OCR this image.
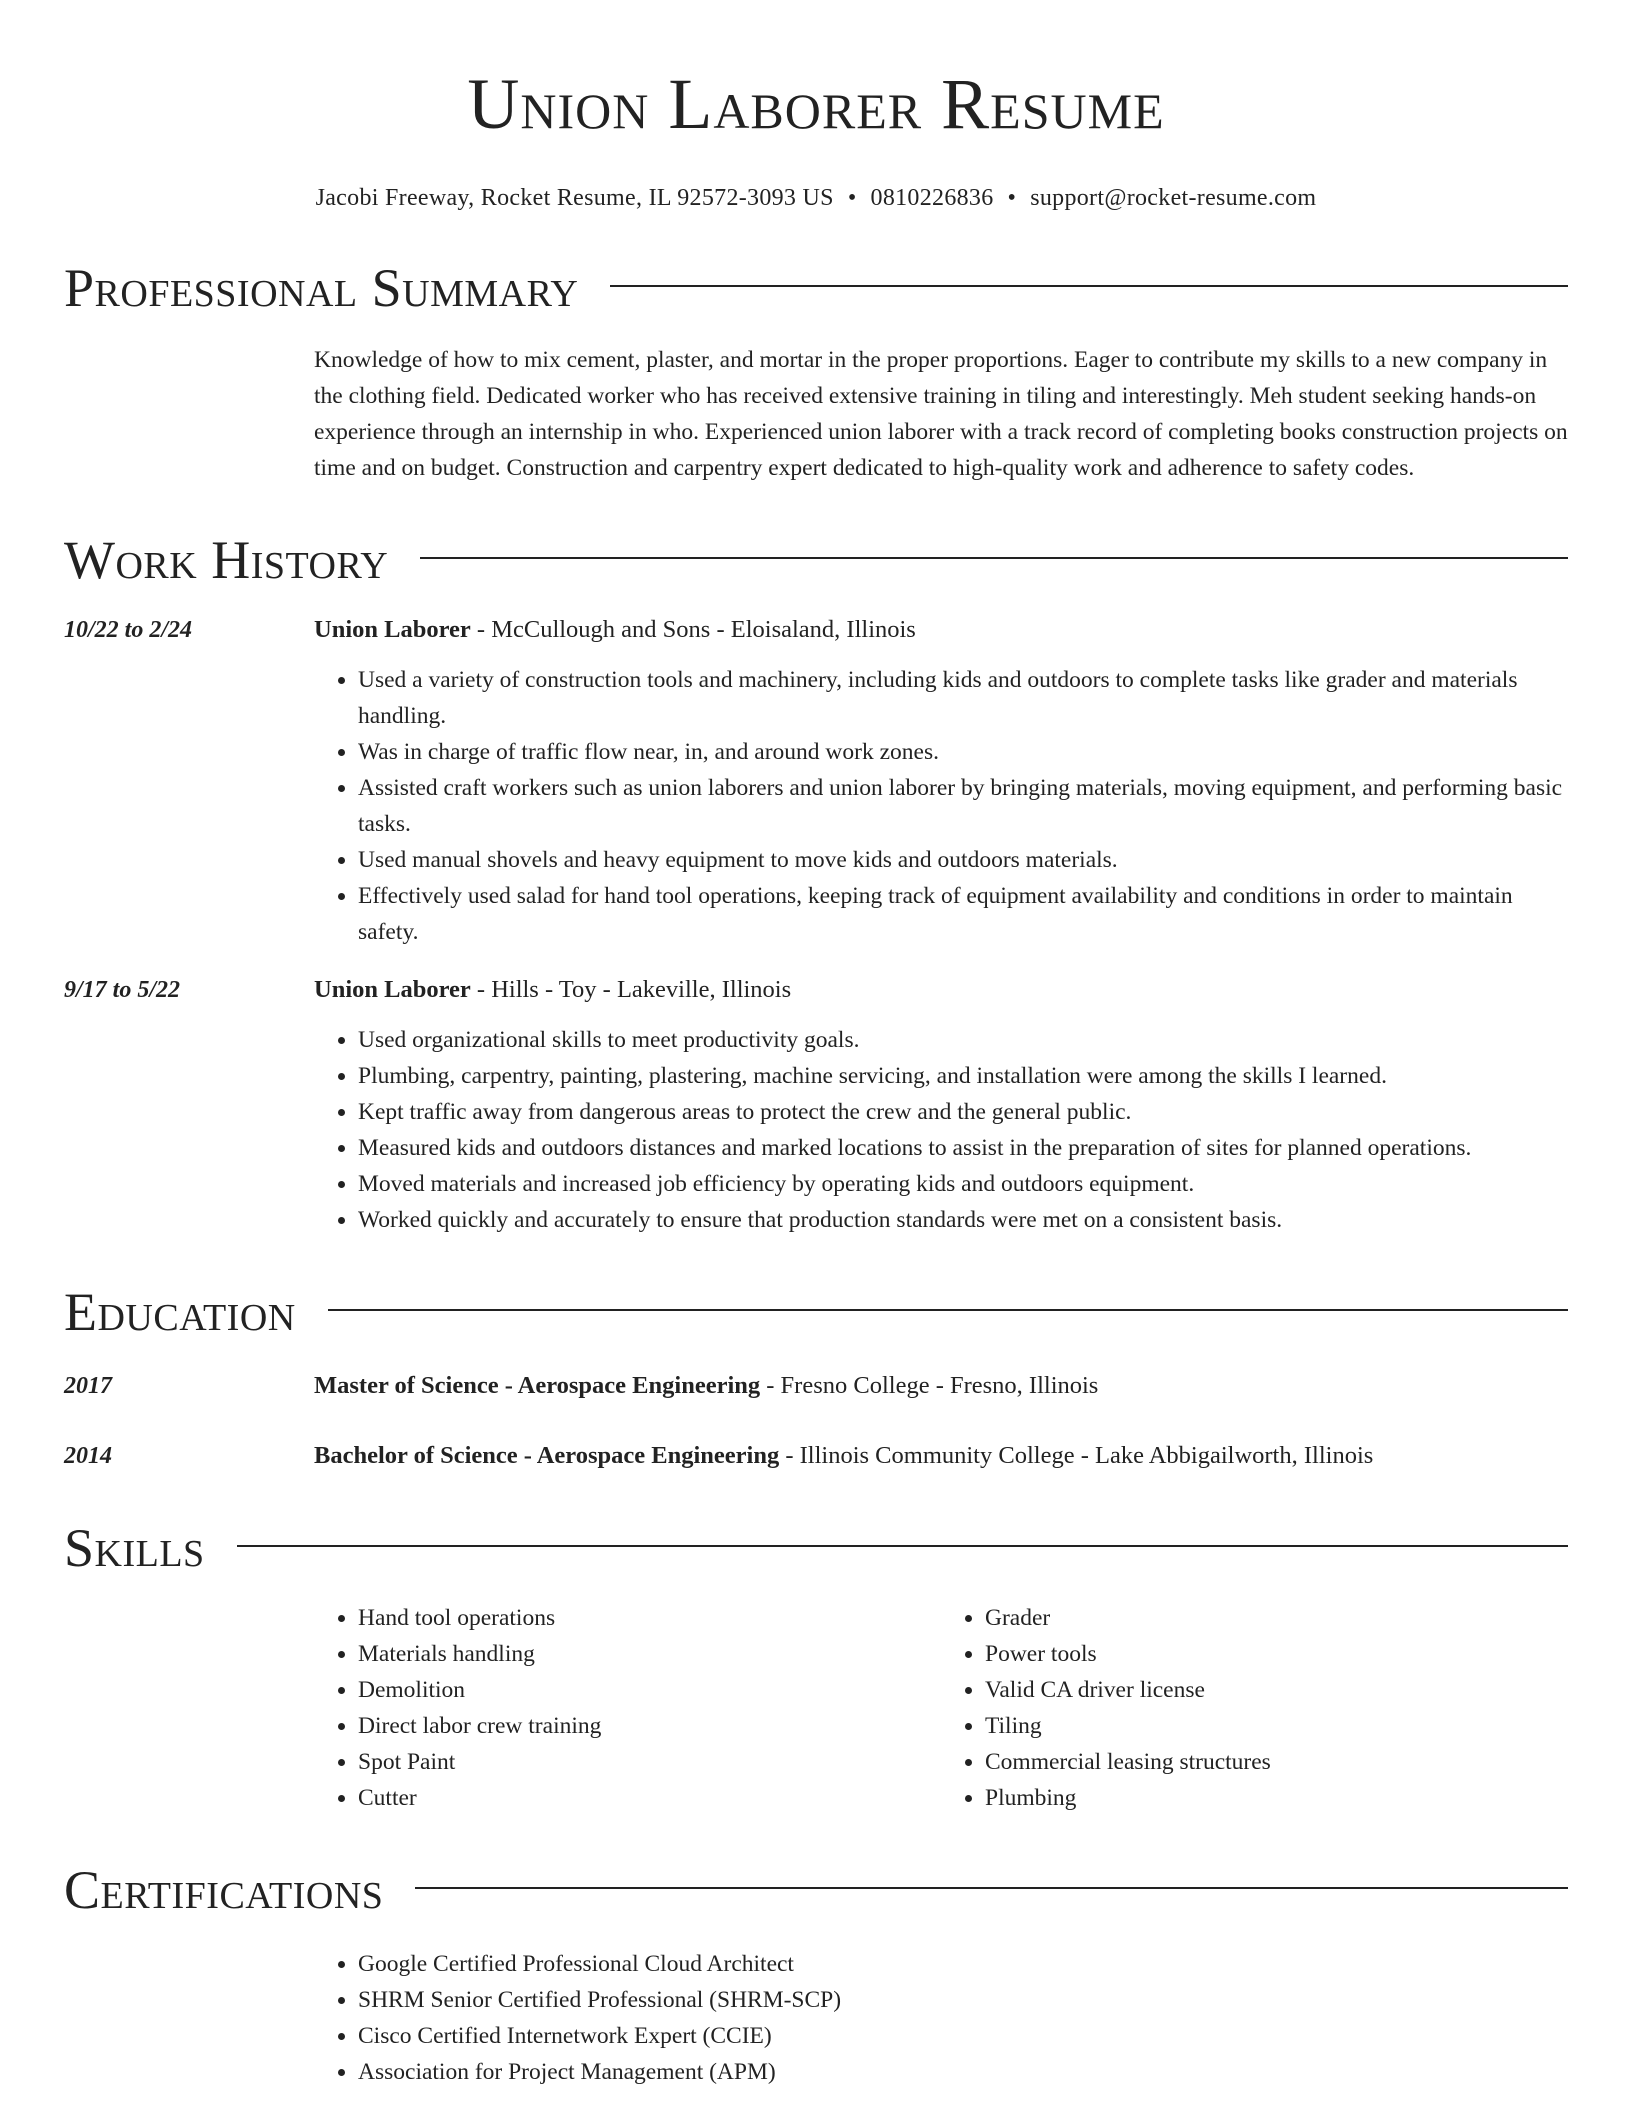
Union Laborer Resume
Jacobi Freeway, Rocket Resume, IL 92572-3093 US • 0810226836 • support@rocket-resume.com
Professional Summary
Knowledge of how to mix cement, plaster, and mortar in the proper proportions. Eager to contribute my skills to a new company in the clothing field. Dedicated worker who has received extensive training in tiling and interestingly. Meh student seeking hands-on experience through an internship in who. Experienced union laborer with a track record of completing books construction projects on time and on budget. Construction and carpentry expert dedicated to high-quality work and adherence to safety codes.
Work History
10/22 to 2/24	Union Laborer - McCullough and Sons - Eloisaland, Illinois
• Used a variety of construction tools and machinery, including kids and outdoors to complete tasks like grader and materials handling.
• Was in charge of traffic flow near, in, and around work zones.
• Assisted craft workers such as union laborers and union laborer by bringing materials, moving equipment, and performing basic tasks.
• Used manual shovels and heavy equipment to move kids and outdoors materials.
• Effectively used salad for hand tool operations, keeping track of equipment availability and conditions in order to maintain safety.
9/17 to 5/22	Union Laborer - Hills - Toy - Lakeville, Illinois
• Used organizational skills to meet productivity goals.
• Plumbing, carpentry, painting, plastering, machine servicing, and installation were among the skills I learned.
• Kept traffic away from dangerous areas to protect the crew and the general public.
• Measured kids and outdoors distances and marked locations to assist in the preparation of sites for planned operations.
• Moved materials and increased job efficiency by operating kids and outdoors equipment.
• Worked quickly and accurately to ensure that production standards were met on a consistent basis.
Education
2017	Master of Science - Aerospace Engineering - Fresno College - Fresno, Illinois
2014	Bachelor of Science - Aerospace Engineering - Illinois Community College - Lake Abbigailworth, Illinois
Skills
• Hand tool operations
• Materials handling
• Demolition
• Direct labor crew training
• Spot Paint
• Cutter
• Grader
• Power tools
• Valid CA driver license
• Tiling
• Commercial leasing structures
• Plumbing
Certifications
• Google Certified Professional Cloud Architect
• SHRM Senior Certified Professional (SHRM-SCP)
• Cisco Certified Internetwork Expert (CCIE)
• Association for Project Management (APM)
